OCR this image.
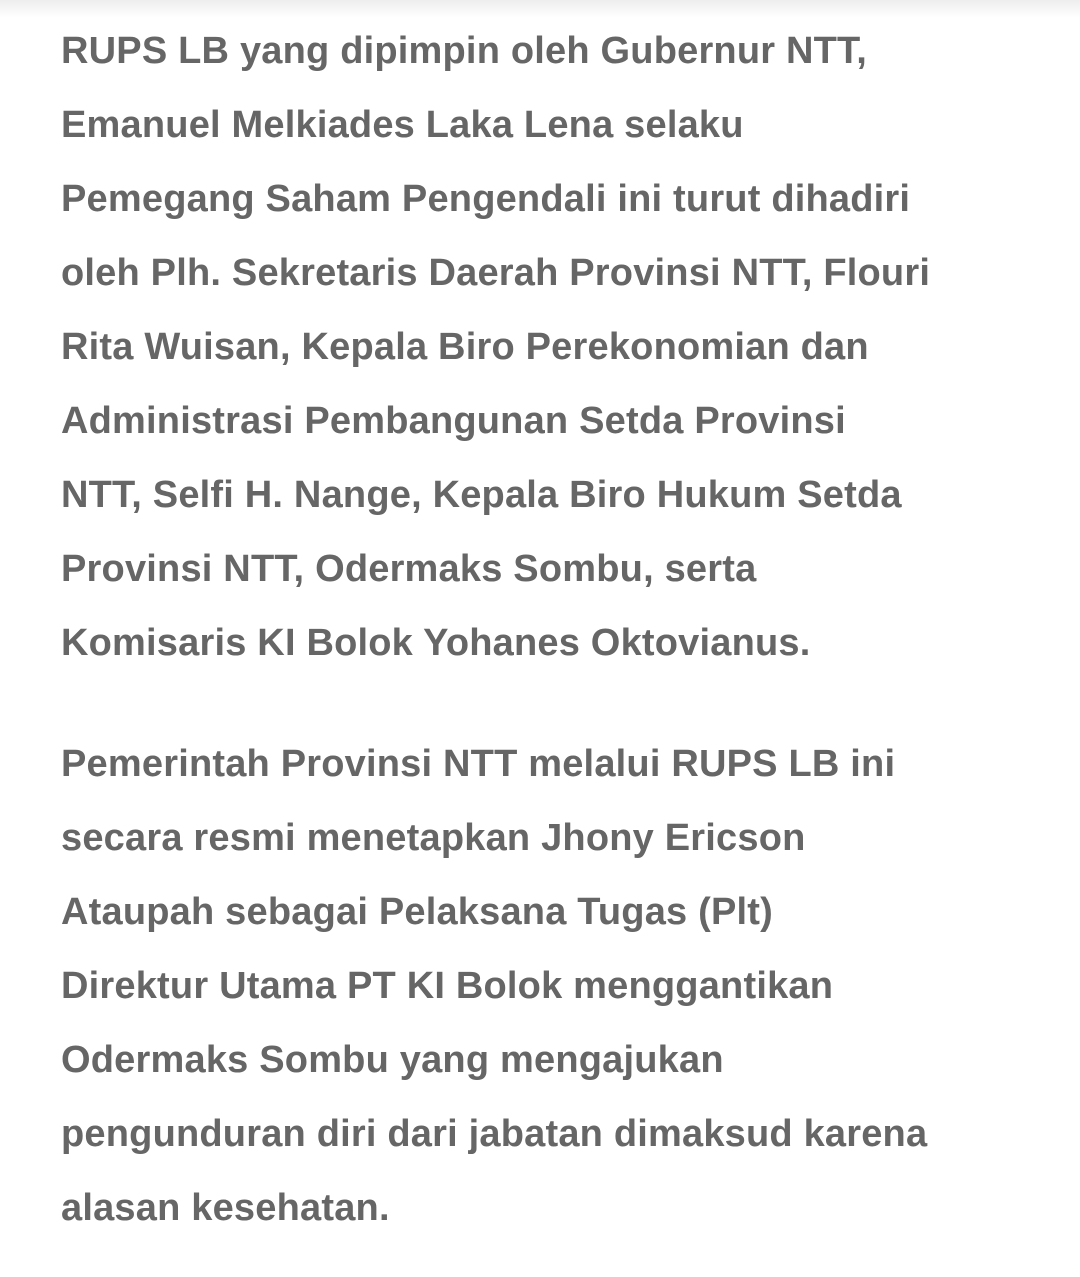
RUPS LB yang dipimpin oleh Gubernur NTT,
Emanuel Melkiades Laka Lena selaku
Pemegang Saham Pengendali ini turut dihadiri
oleh Plh. Sekretaris Daerah Provinsi NTT, Flouri
Rita Wuisan, Kepala Biro Perekonomian dan
Administrasi Pembangunan Setda Provinsi
NTT, Selfi H. Nange, Kepala Biro Hukum Setda
Provinsi NTT, Odermaks Sombu, serta
Komisaris KI Bolok Yohanes Oktovianus.

Pemerintah Provinsi NTT melalui RUPS LB ini
secara resmi menetapkan Jhony Ericson
Ataupah sebagai Pelaksana Tugas (Plt)
Direktur Utama PT KI Bolok menggantikan
Odermaks Sombu yang mengajukan
pengunduran diri dari jabatan dimaksud karena
alasan kesehatan.
